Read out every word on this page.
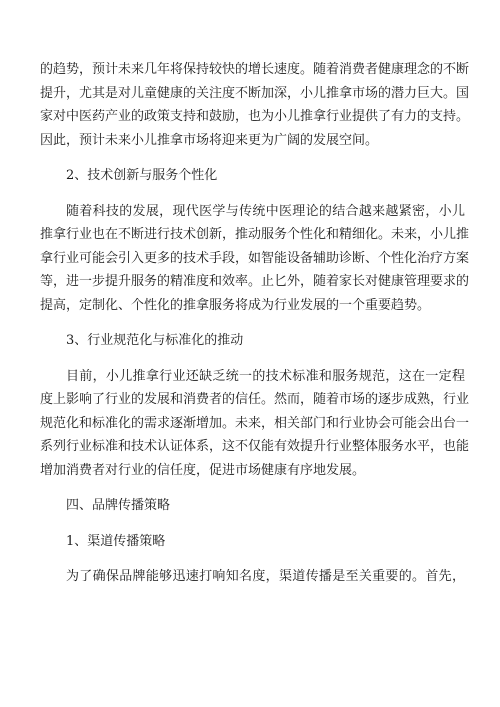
的趋势，预计未来几年将保持较快的增长速度。随着消费者健康理念的不断
提升，尤其是对儿童健康的关注度不断加深，小儿推拿市场的潜力巨大。国
家对中医药产业的政策支持和鼓励，也为小儿推拿行业提供了有力的支持。
因此，预计未来小儿推拿市场将迎来更为广阔的发展空间。
2、技术创新与服务个性化
随着科技的发展，现代医学与传统中医理论的结合越来越紧密，小儿
推拿行业也在不断进行技术创新，推动服务个性化和精细化。未来，小儿推
拿行业可能会引入更多的技术手段，如智能设备辅助诊断、个性化治疗方案
等，进一步提升服务的精准度和效率。止匕外，随着家长对健康管理要求的
提高，定制化、个性化的推拿服务将成为行业发展的一个重要趋势。
3、行业规范化与标准化的推动
目前，小儿推拿行业还缺乏统一的技术标准和服务规范，这在一定程
度上影响了行业的发展和消费者的信任。然而，随着市场的逐步成熟，行业
规范化和标准化的需求逐渐增加。未来，相关部门和行业协会可能会出台一
系列行业标准和技术认证体系，这不仅能有效提升行业整体服务水平，也能
增加消费者对行业的信任度，促进市场健康有序地发展。
四、品牌传播策略
1、渠道传播策略
为了确保品牌能够迅速打响知名度，渠道传播是至关重要的。首先，
